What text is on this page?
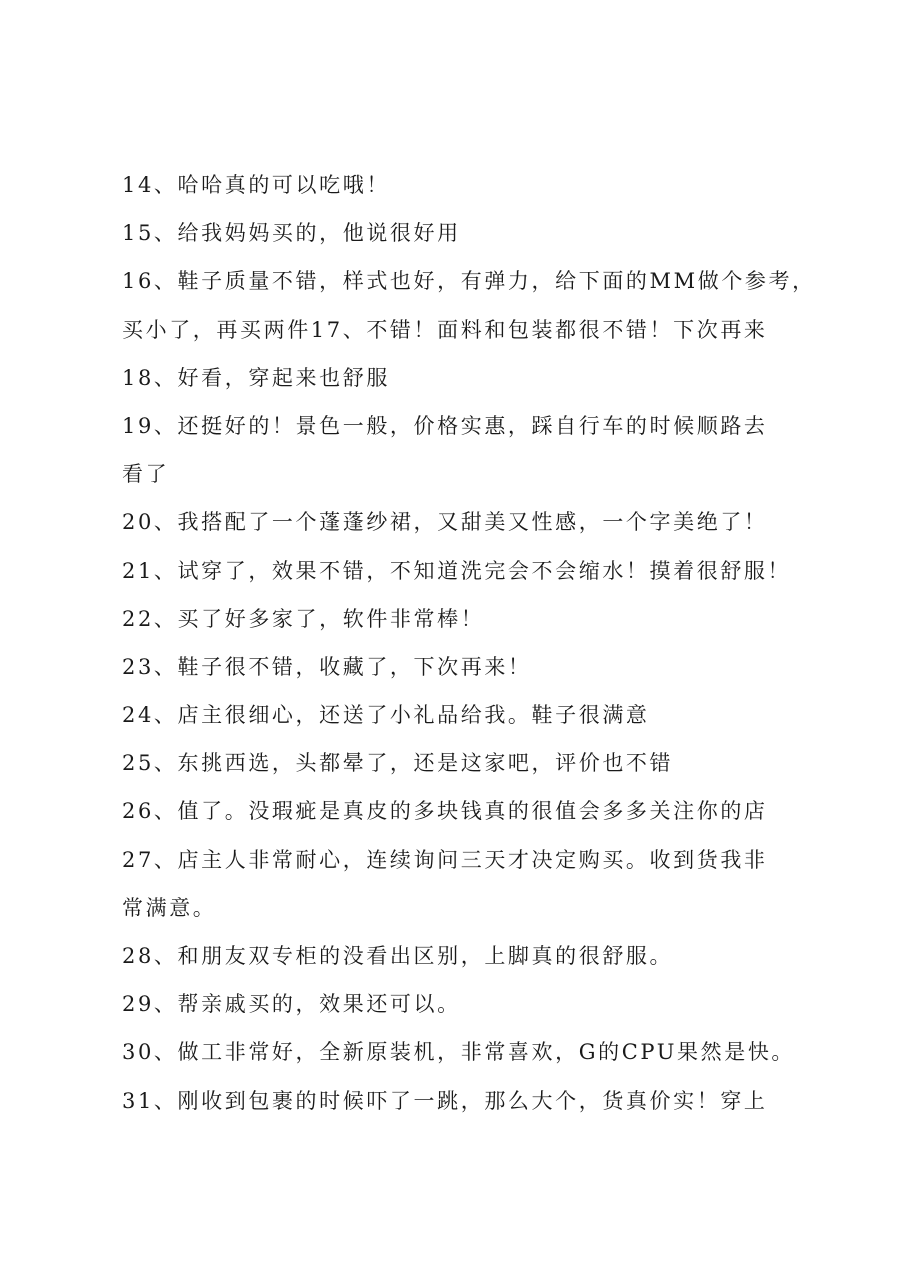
14、哈哈真的可以吃哦！
15、给我妈妈买的，他说很好用
16、鞋子质量不错，样式也好，有弹力，给下面的MM做个参考，
买小了，再买两件17、不错！面料和包装都很不错！下次再来
18、好看，穿起来也舒服
19、还挺好的！景色一般，价格实惠，踩自行车的时候顺路去
看了
20、我搭配了一个蓬蓬纱裙，又甜美又性感，一个字美绝了！
21、试穿了，效果不错，不知道洗完会不会缩水！摸着很舒服！
22、买了好多家了，软件非常棒！
23、鞋子很不错，收藏了，下次再来！
24、店主很细心，还送了小礼品给我。鞋子很满意
25、东挑西选，头都晕了，还是这家吧，评价也不错
26、值了。没瑕疵是真皮的多块钱真的很值会多多关注你的店
27、店主人非常耐心，连续询问三天才决定购买。收到货我非
常满意。
28、和朋友双专柜的没看出区别，上脚真的很舒服。
29、帮亲戚买的，效果还可以。
30、做工非常好，全新原装机，非常喜欢，G的CPU果然是快。
31、刚收到包裹的时候吓了一跳，那么大个，货真价实！穿上
